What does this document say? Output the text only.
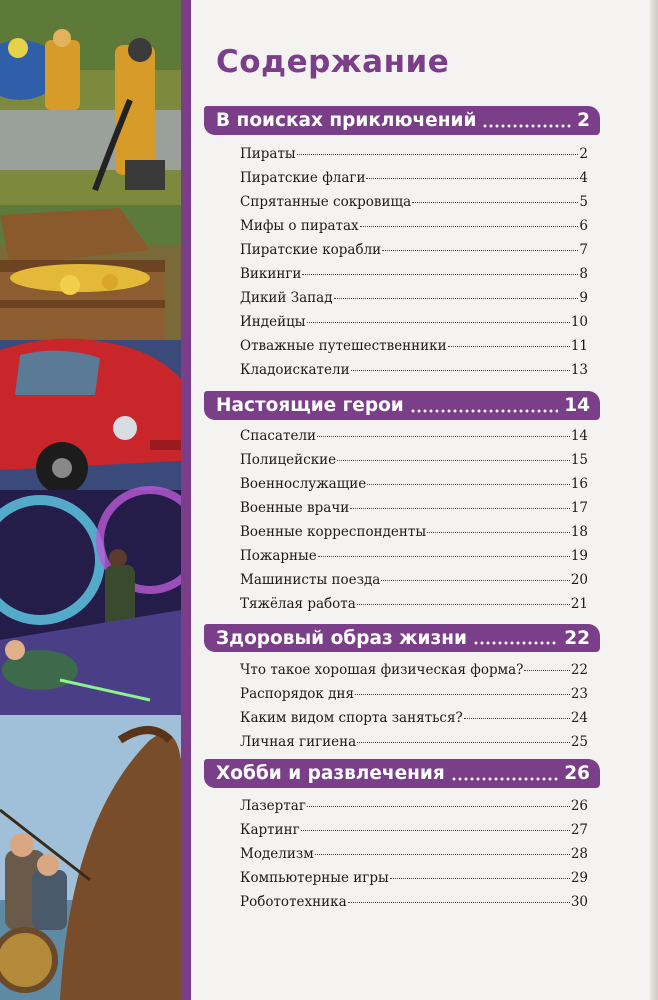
Содержание
В поисках приключений	2
Пираты	2
Пиратские флаги	4
Спрятанные сокровища	5
Мифы о пиратах	6
Пиратские корабли	7
Викинги	8
Дикий Запад	9
Индейцы	10
Отважные путешественники	11
Кладоискатели	13
Настоящие герои	14
Спасатели	14
Полицейские	15
Военнослужащие	16
Военные врачи	17
Военные корреспонденты	18
Пожарные	19
Машинисты поезда	20
Тяжёлая работа	21
Здоровый образ жизни	22
Что такое хорошая физическая форма?	22
Распорядок дня	23
Каким видом спорта заняться?	24
Личная гигиена	25
Хобби и развлечения	26
Лазертаг	26
Картинг	27
Моделизм	28
Компьютерные игры	29
Робототехника	30
